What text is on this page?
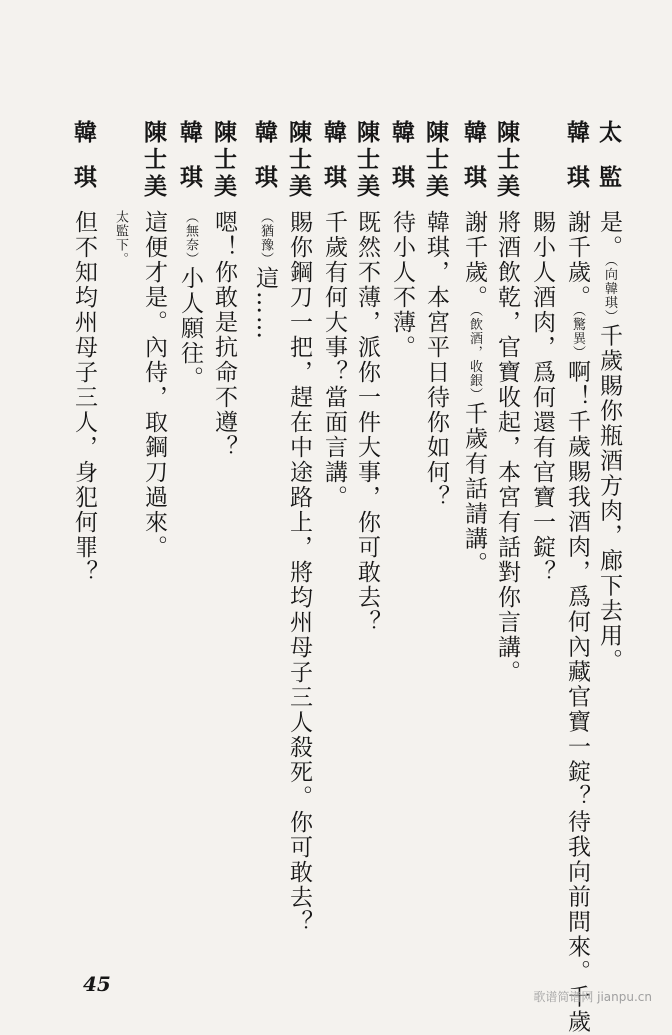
太監
是。（向韓琪）千歲賜你瓶酒方肉，廊下去用。
韓琪
謝千歲。（驚異）啊！千歲賜我酒肉，爲何內藏官寶一錠？待我向前問來。千歲
賜小人酒肉，爲何還有官寶一錠？
陳士美
將酒飲乾，官寶收起，本宮有話對你言講。
韓琪
謝千歲。（飲酒，收銀）千歲有話請講。
陳士美
韓琪，本宮平日待你如何？
韓琪
待小人不薄。
陳士美
既然不薄，派你一件大事，你可敢去？
韓琪
千歲有何大事？當面言講。
陳士美
賜你鋼刀一把，趕在中途路上，將均州母子三人殺死。你可敢去？
韓琪
（猶豫）這……
陳士美
嗯！你敢是抗命不遵？
韓琪
（無奈）小人願往。
陳士美
這便才是。內侍，取鋼刀過來。
太監下。
韓琪
但不知均州母子三人，身犯何罪？
45
歌谱简谱网 jianpu.cn
